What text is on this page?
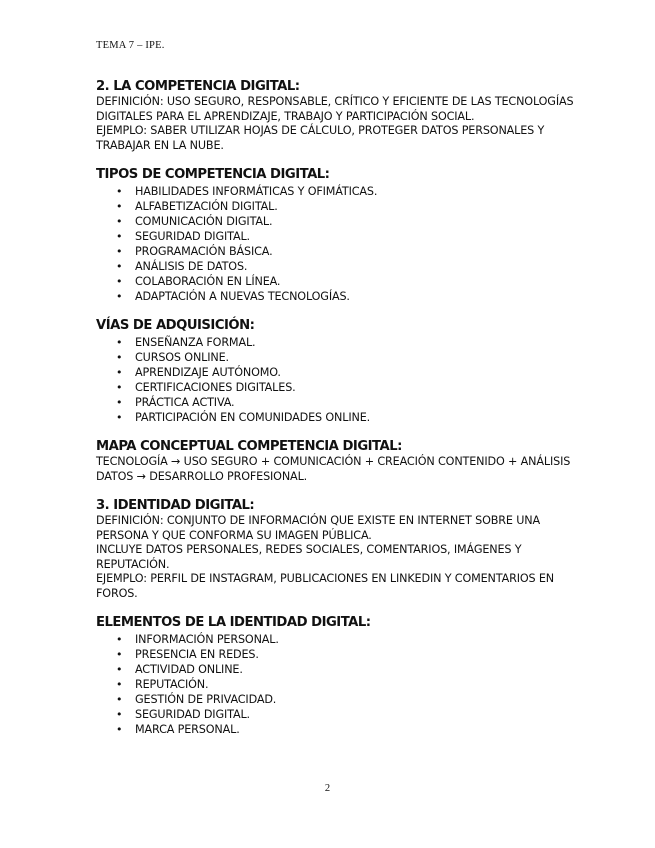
TEMA 7 – IPE.
2. LA COMPETENCIA DIGITAL:

DEFINICIÓN: USO SEGURO, RESPONSABLE, CRÍTICO Y EFICIENTE DE LAS TECNOLOGÍAS DIGITALES PARA EL APRENDIZAJE, TRABAJO Y PARTICIPACIÓN SOCIAL.

EJEMPLO: SABER UTILIZAR HOJAS DE CÁLCULO, PROTEGER DATOS PERSONALES Y TRABAJAR EN LA NUBE.

TIPOS DE COMPETENCIA DIGITAL:
• HABILIDADES INFORMÁTICAS Y OFIMÁTICAS.
• ALFABETIZACIÓN DIGITAL.
• COMUNICACIÓN DIGITAL.
• SEGURIDAD DIGITAL.
• PROGRAMACIÓN BÁSICA.
• ANÁLISIS DE DATOS.
• COLABORACIÓN EN LÍNEA.
• ADAPTACIÓN A NUEVAS TECNOLOGÍAS.
VÍAS DE ADQUISICIÓN:
• ENSEÑANZA FORMAL.
• CURSOS ONLINE.
• APRENDIZAJE AUTÓNOMO.
• CERTIFICACIONES DIGITALES.
• PRÁCTICA ACTIVA.
• PARTICIPACIÓN EN COMUNIDADES ONLINE.
MAPA CONCEPTUAL COMPETENCIA DIGITAL:

TECNOLOGÍA → USO SEGURO + COMUNICACIÓN + CREACIÓN CONTENIDO + ANÁLISIS DATOS → DESARROLLO PROFESIONAL.

3. IDENTIDAD DIGITAL:

DEFINICIÓN: CONJUNTO DE INFORMACIÓN QUE EXISTE EN INTERNET SOBRE UNA PERSONA Y QUE CONFORMA SU IMAGEN PÚBLICA.

INCLUYE DATOS PERSONALES, REDES SOCIALES, COMENTARIOS, IMÁGENES Y REPUTACIÓN.

EJEMPLO: PERFIL DE INSTAGRAM, PUBLICACIONES EN LINKEDIN Y COMENTARIOS EN FOROS.

ELEMENTOS DE LA IDENTIDAD DIGITAL:
• INFORMACIÓN PERSONAL.
• PRESENCIA EN REDES.
• ACTIVIDAD ONLINE.
• REPUTACIÓN.
• GESTIÓN DE PRIVACIDAD.
• SEGURIDAD DIGITAL.
• MARCA PERSONAL.
2
